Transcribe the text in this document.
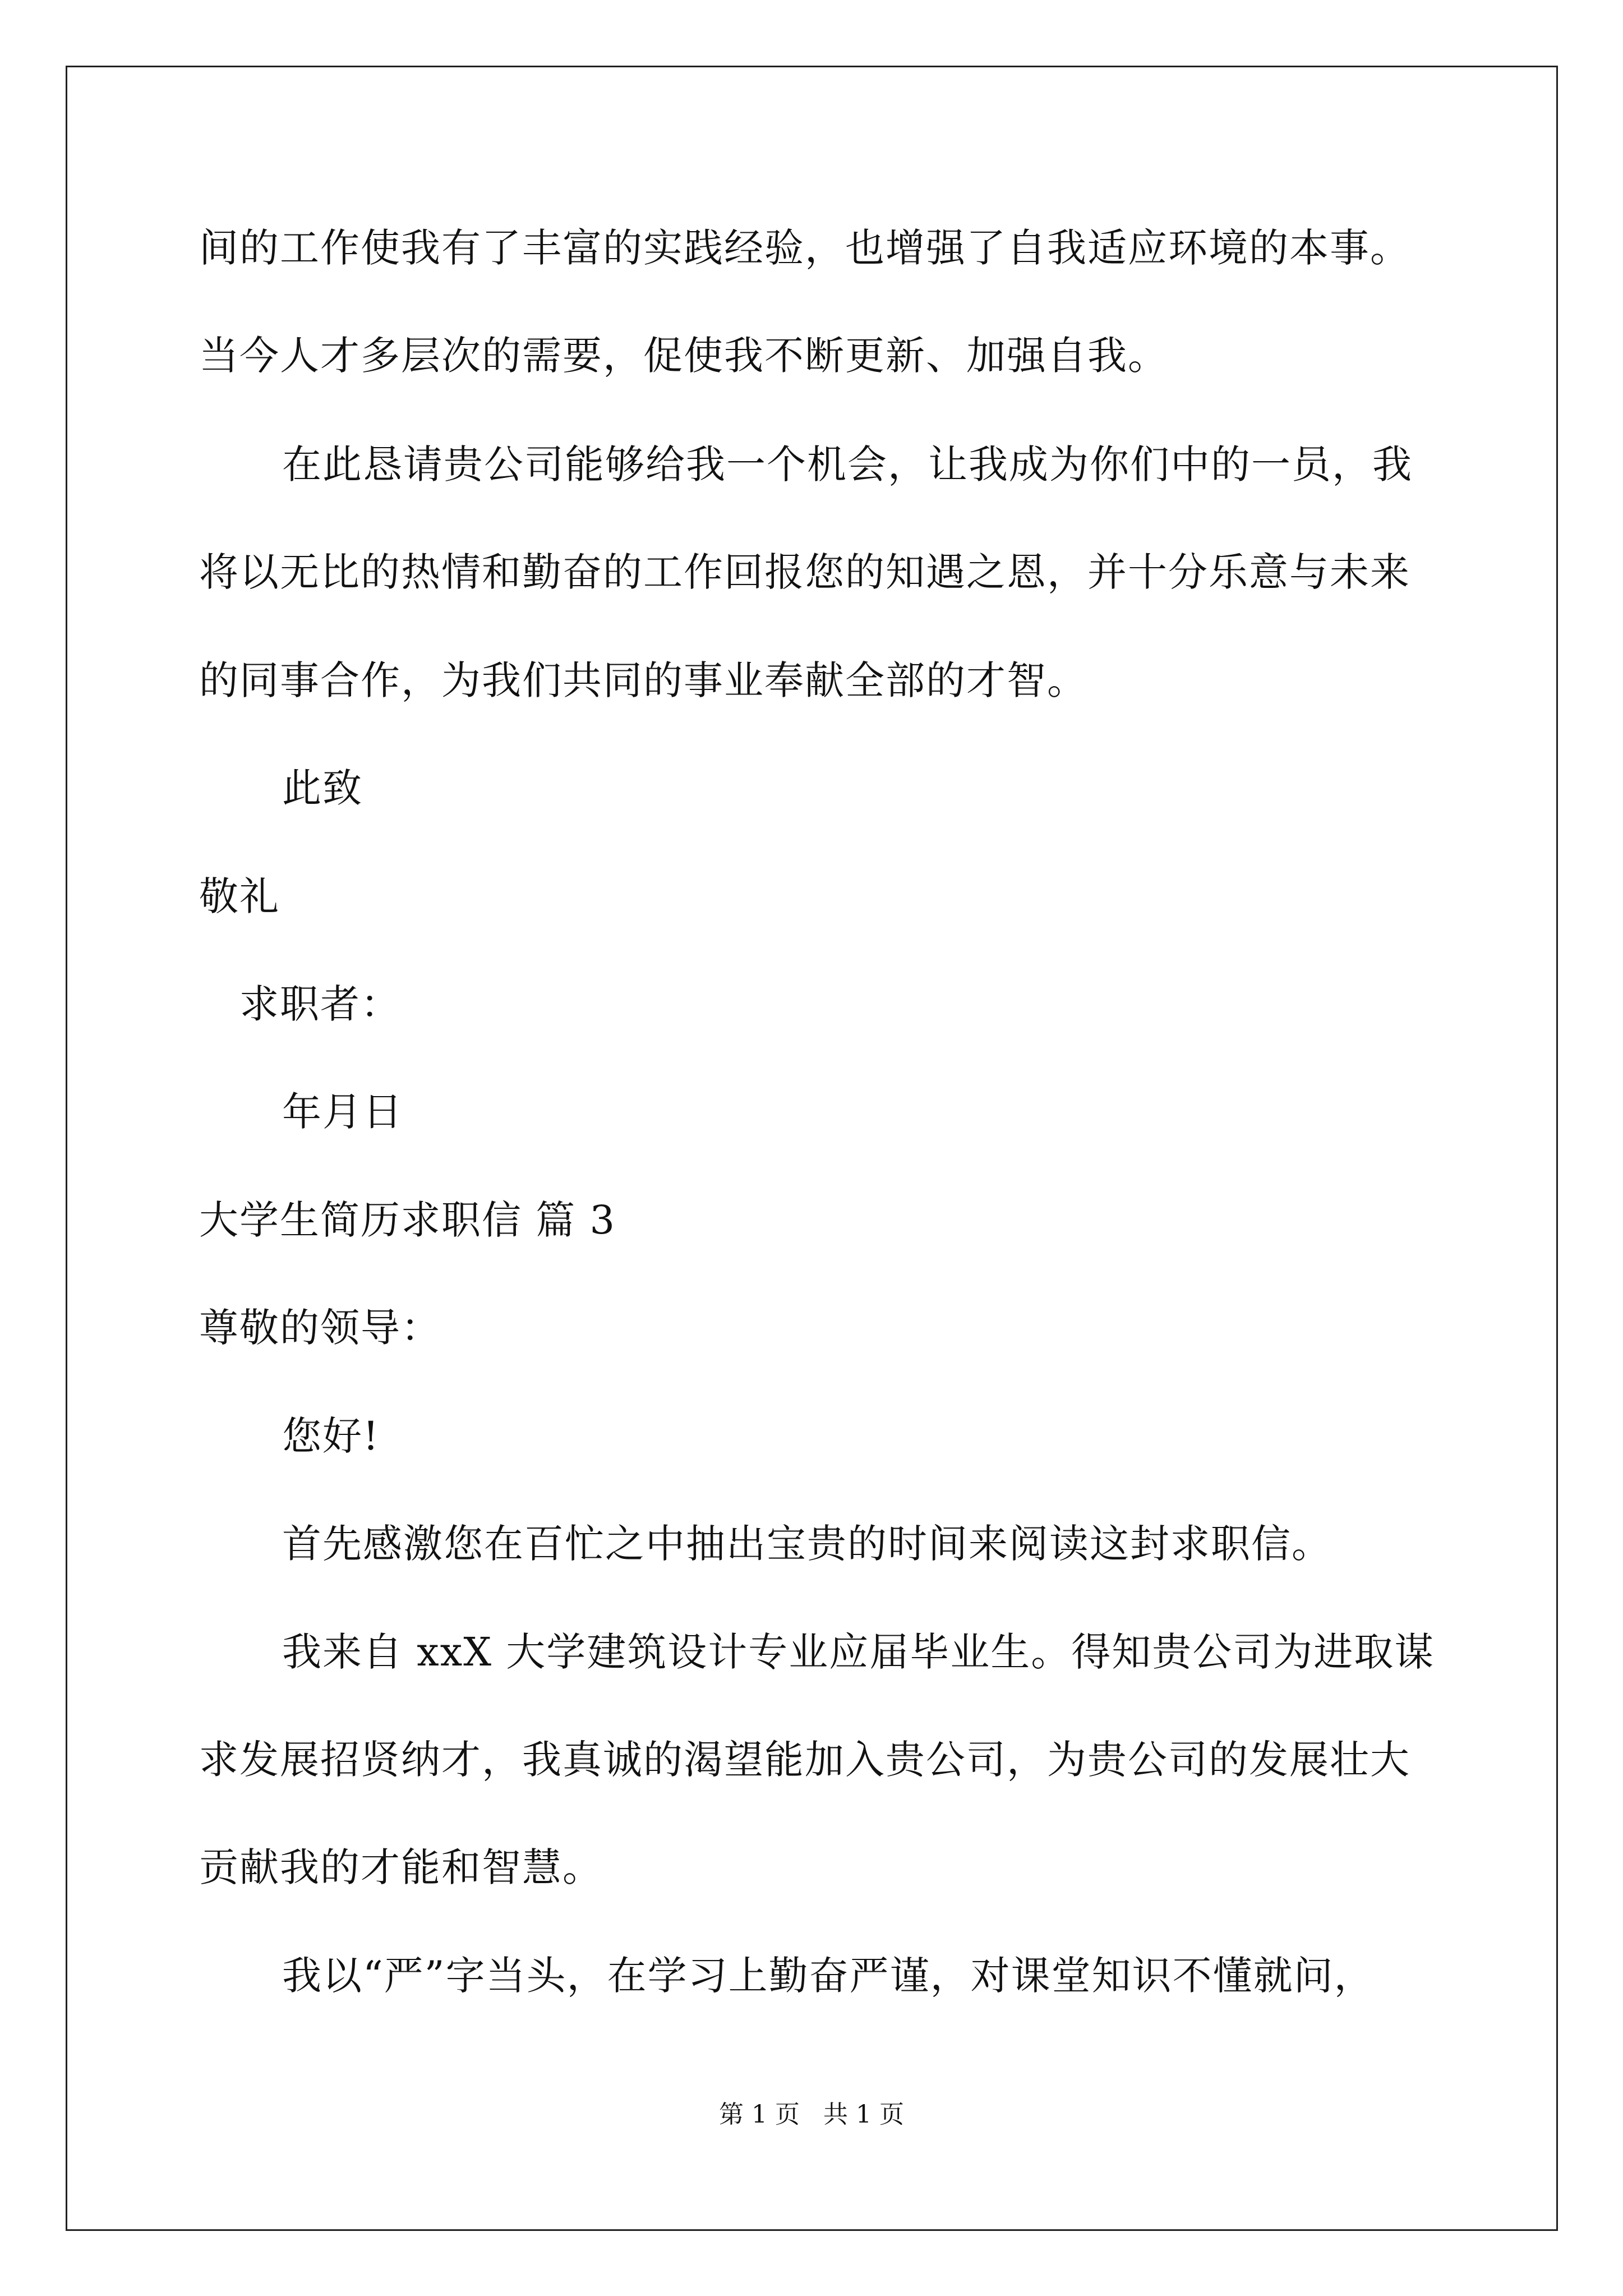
间的工作使我有了丰富的实践经验，也增强了自我适应环境的本事。
当今人才多层次的需要，促使我不断更新、加强自我。
在此恳请贵公司能够给我一个机会，让我成为你们中的一员，我
将以无比的热情和勤奋的工作回报您的知遇之恩，并十分乐意与未来
的同事合作，为我们共同的事业奉献全部的才智。
此致
敬礼
求职者：
年月日
大学生简历求职信 篇 3
尊敬的领导：
您好!
首先感激您在百忙之中抽出宝贵的时间来阅读这封求职信。
我来自 xxX 大学建筑设计专业应届毕业生。得知贵公司为进取谋
求发展招贤纳才，我真诚的渴望能加入贵公司，为贵公司的发展壮大
贡献我的才能和智慧。
我以“严”字当头，在学习上勤奋严谨，对课堂知识不懂就问，
第 1 页   共 1 页
